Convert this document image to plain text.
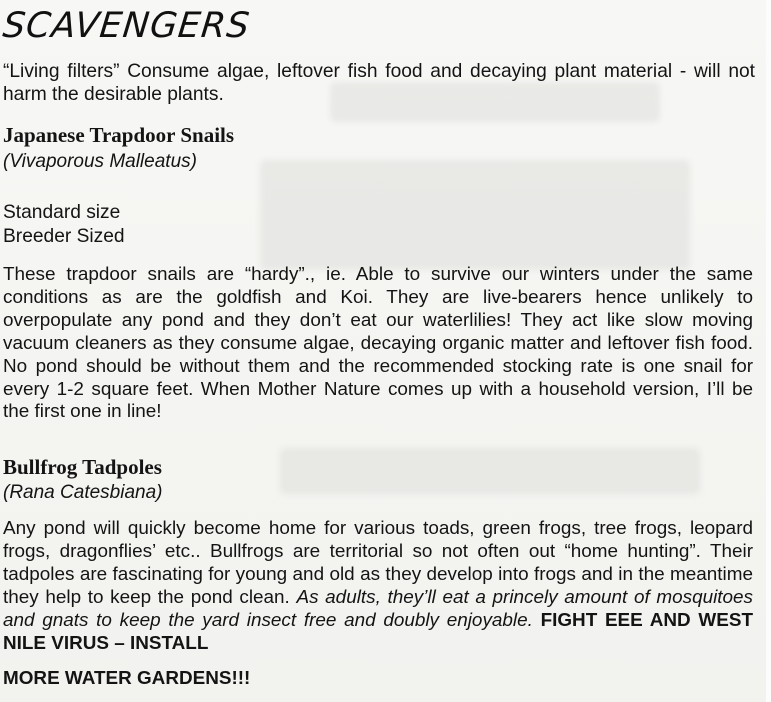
SCAVENGERS
“Living filters” Consume algae, leftover fish food and decaying plant material - will not harm the desirable plants.
Japanese Trapdoor Snails
(Vivaporous Malleatus)
Standard size
Breeder Sized
These trapdoor snails are “hardy”., ie. Able to survive our winters under the same conditions as are the goldfish and Koi. They are live-bearers hence unlikely to overpopulate any pond and they don’t eat our waterlilies! They act like slow moving vacuum cleaners as they consume algae, decaying organic matter and leftover fish food. No pond should be without them and the recommended stocking rate is one snail for every 1-2 square feet. When Mother Nature comes up with a household version, I’ll be the first one in line!
Bullfrog Tadpoles
(Rana Catesbiana)
Any pond will quickly become home for various toads, green frogs, tree frogs, leopard frogs, dragonflies’ etc.. Bullfrogs are territorial so not often out “home hunting”. Their tadpoles are fascinating for young and old as they develop into frogs and in the meantime they help to keep the pond clean. As adults, they’ll eat a princely amount of mosquitoes and gnats to keep the yard insect free and doubly enjoyable. FIGHT EEE AND WEST NILE VIRUS – INSTALL
MORE WATER GARDENS!!!
